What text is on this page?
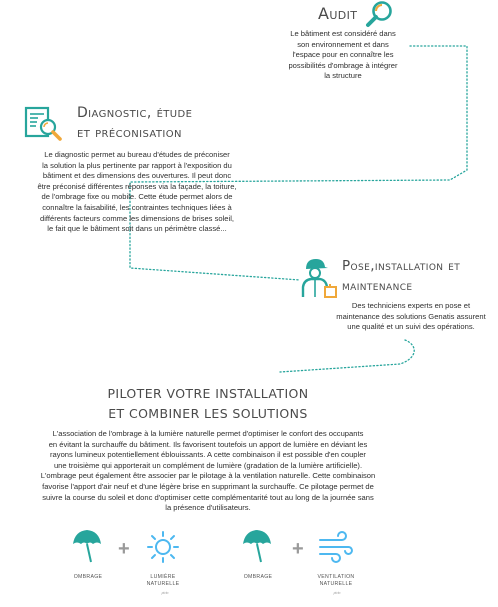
Audit
Le bâtiment est considéré dans
son environnement et dans
l'espace pour en connaître les
possibilités d'ombrage à intégrer
la structure
Diagnostic, étude
et préconisation
Le diagnostic permet au bureau d'études de préconiser
la solution la plus pertinente par rapport à l'exposition du
bâtiment et des dimensions des ouvertures. Il peut donc
être préconisé différentes réponses via la façade, la toiture,
de l'ombrage fixe ou mobile. Cette étude permet alors de
connaître la faisabilité, les contraintes techniques liées à
différents facteurs comme les dimensions de brises soleil,
le fait que le bâtiment soit dans un périmètre classé...
Pose,installation et
maintenance
Des techniciens experts en pose et
maintenance des solutions Genatis assurent
une qualité et un suivi des opérations.
PILOTER VOTRE INSTALLATION
ET COMBINER LES SOLUTIONS
L'association de l'ombrage à la lumière naturelle permet d'optimiser le confort des occupants
en évitant la surchauffe du bâtiment. Ils favorisent toutefois un apport de lumière en déviant les
rayons lumineux potentiellement éblouissants. A cette combinaison il est possible d'en coupler
une troisième qui apporterait un complément de lumière (gradation de la lumière artificielle).
L'ombrage peut également être associer par le pilotage à la ventilation naturelle. Cette combinaison
favorise l'apport d'air neuf et d'une légère brise en supprimant la surchauffe. Ce pilotage permet de
suivre la course du soleil et donc d'optimiser cette complémentarité tout au long de la journée sans
la présence d'utilisateurs.
+
OMBRAGE	LUMIÈRE
NATURELLE
picto
+
OMBRAGE	VENTILATION
NATURELLE
picto
